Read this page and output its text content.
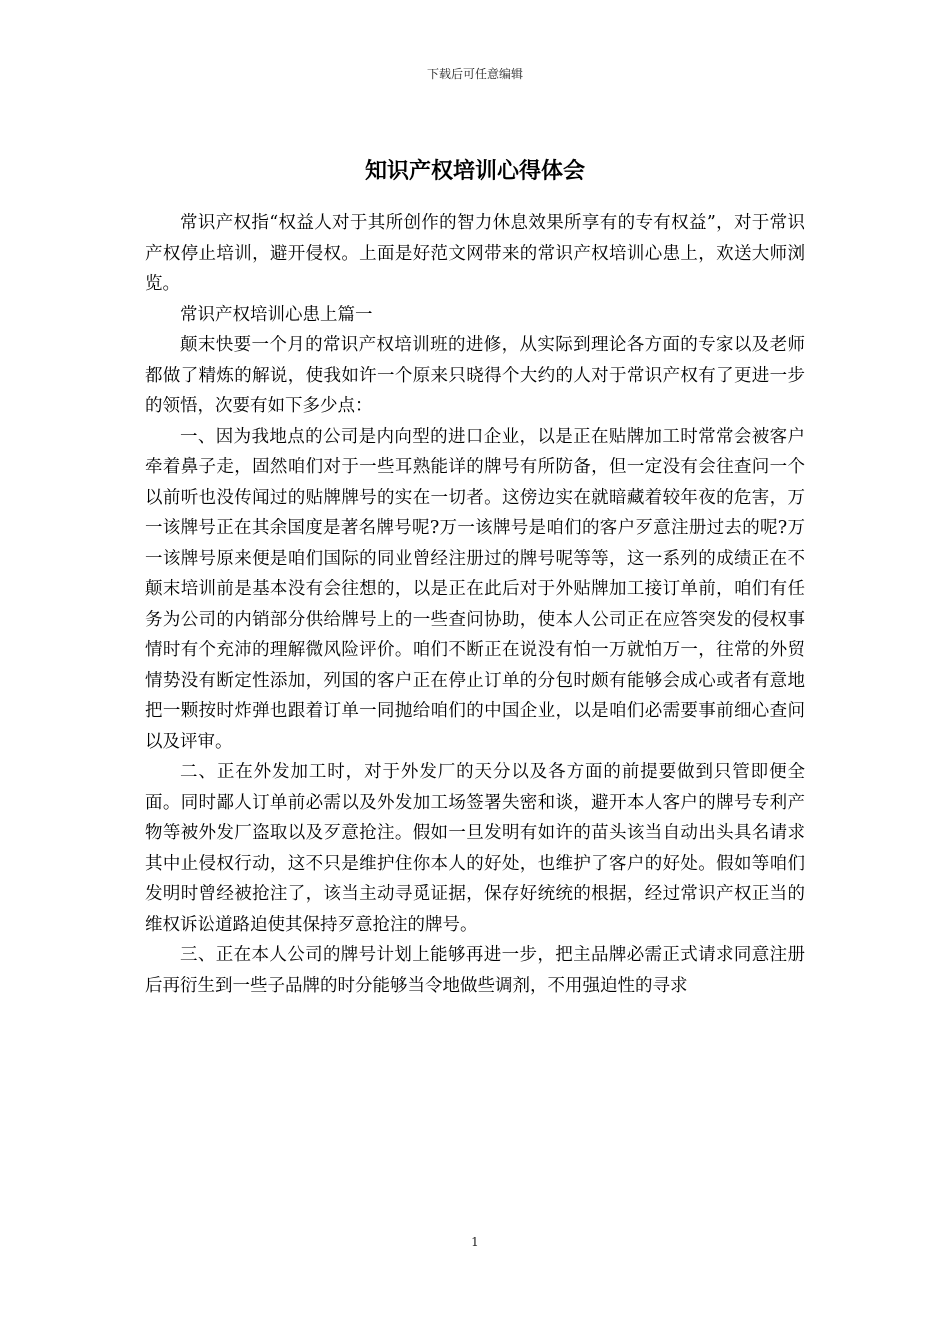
下载后可任意编辑
知识产权培训心得体会

常识产权指“权益人对于其所创作的智力休息效果所享有的专有权益”，对于常识产权停止培训，避开侵权。上面是好范文网带来的常识产权培训心患上，欢送大师浏览。

常识产权培训心患上篇一

颠末快要一个月的常识产权培训班的进修，从实际到理论各方面的专家以及老师都做了精炼的解说，使我如许一个原来只晓得个大约的人对于常识产权有了更进一步的领悟，次要有如下多少点：

一、因为我地点的公司是内向型的进口企业，以是正在贴牌加工时常常会被客户牵着鼻子走，固然咱们对于一些耳熟能详的牌号有所防备，但一定没有会往查问一个以前听也没传闻过的贴牌牌号的实在一切者。这傍边实在就暗藏着较年夜的危害，万一该牌号正在其余国度是著名牌号呢?万一该牌号是咱们的客户歹意注册过去的呢?万一该牌号原来便是咱们国际的同业曾经注册过的牌号呢等等，这一系列的成绩正在不颠末培训前是基本没有会往想的，以是正在此后对于外贴牌加工接订单前，咱们有任务为公司的内销部分供给牌号上的一些查问协助，使本人公司正在应答突发的侵权事情时有个充沛的理解微风险评价。咱们不断正在说没有怕一万就怕万一，往常的外贸情势没有断定性添加，列国的客户正在停止订单的分包时颇有能够会成心或者有意地把一颗按时炸弹也跟着订单一同抛给咱们的中国企业，以是咱们必需要事前细心查问以及评审。

二、正在外发加工时，对于外发厂的天分以及各方面的前提要做到只管即便全面。同时鄙人订单前必需以及外发加工场签署失密和谈，避开本人客户的牌号专利产物等被外发厂盗取以及歹意抢注。假如一旦发明有如许的苗头该当自动出头具名请求其中止侵权行动，这不只是维护住你本人的好处，也维护了客户的好处。假如等咱们发明时曾经被抢注了，该当主动寻觅证据，保存好统统的根据，经过常识产权正当的维权诉讼道路迫使其保持歹意抢注的牌号。

三、正在本人公司的牌号计划上能够再进一步，把主品牌必需正式请求同意注册后再衍生到一些子品牌的时分能够当令地做些调剂，不用强迫性的寻求

1
